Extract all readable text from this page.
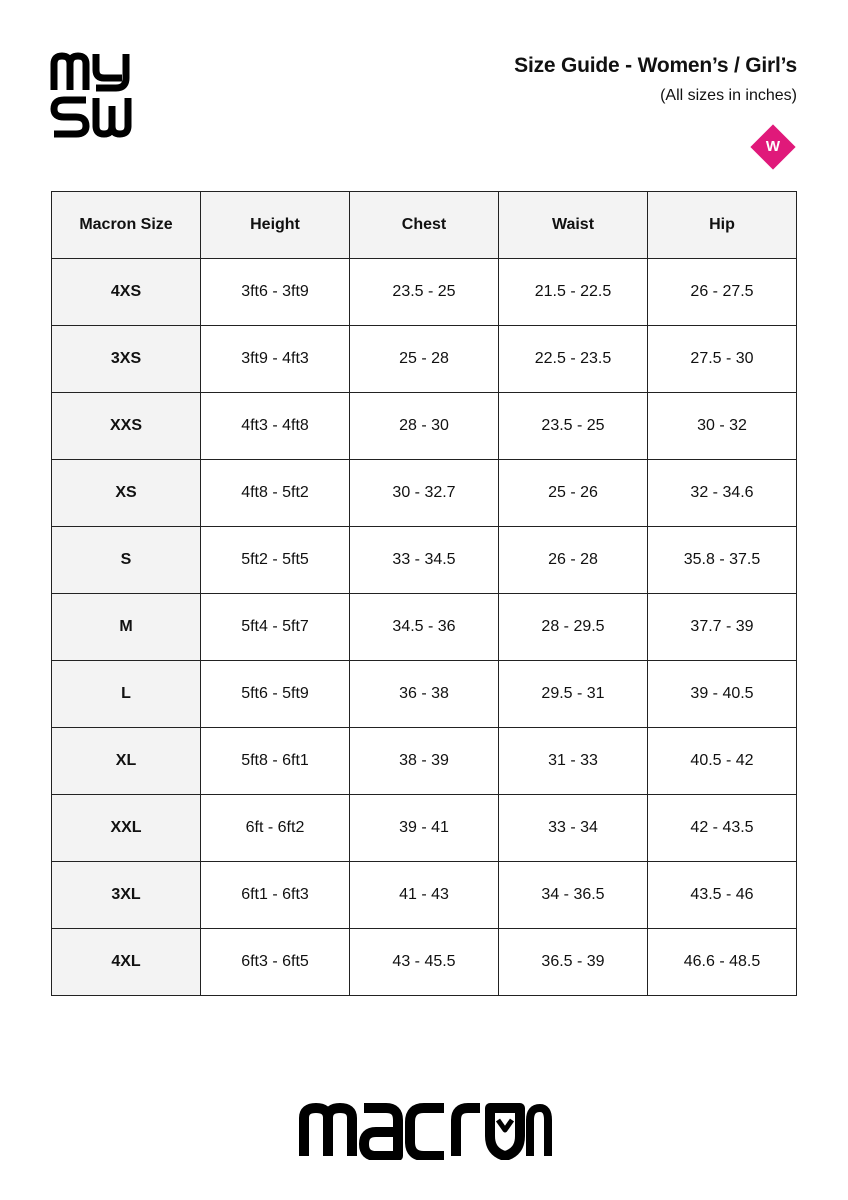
Size Guide - Women’s / Girl’s
(All sizes in inches)
W
Macron Size	Height	Chest	Waist	Hip
4XS	3ft6 - 3ft9	23.5 - 25	21.5 - 22.5	26 - 27.5
3XS	3ft9 - 4ft3	25 - 28	22.5 - 23.5	27.5 - 30
XXS	4ft3 - 4ft8	28 - 30	23.5 - 25	30 - 32
XS	4ft8 - 5ft2	30 - 32.7	25 - 26	32 - 34.6
S	5ft2 - 5ft5	33 - 34.5	26 - 28	35.8 - 37.5
M	5ft4 - 5ft7	34.5 - 36	28 - 29.5	37.7 - 39
L	5ft6 - 5ft9	36 - 38	29.5 - 31	39 - 40.5
XL	5ft8 - 6ft1	38 - 39	31 - 33	40.5 - 42
XXL	6ft - 6ft2	39 - 41	33 - 34	42 - 43.5
3XL	6ft1 - 6ft3	41 - 43	34 - 36.5	43.5 - 46
4XL	6ft3 - 6ft5	43 - 45.5	36.5 - 39	46.6 - 48.5
